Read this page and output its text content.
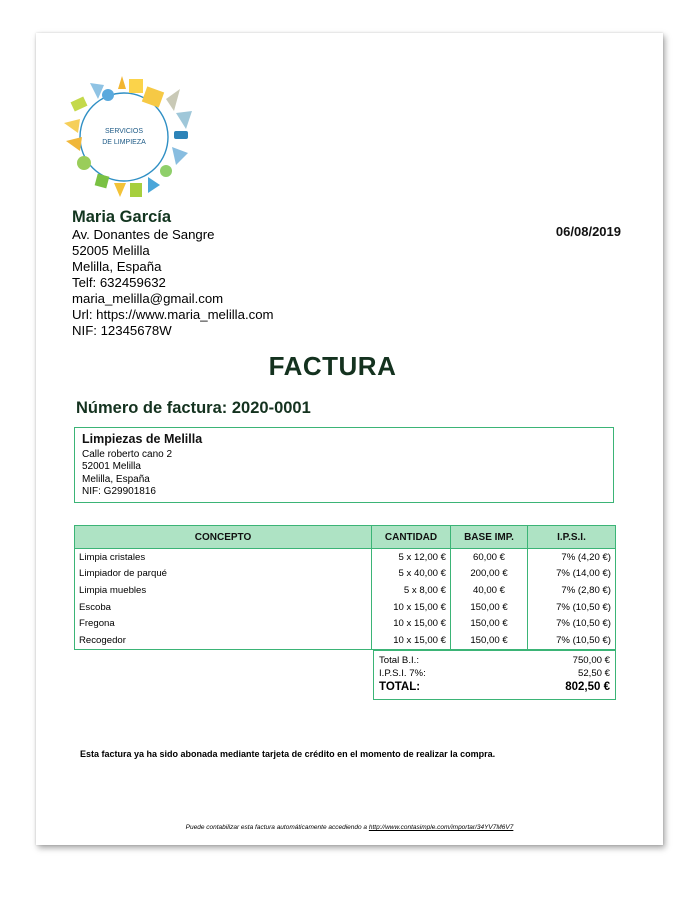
SERVICIOS
DE LIMPIEZA
Maria García
Av. Donantes de Sangre
52005 Melilla
Melilla, España
Telf: 632459632
maria_melilla@gmail.com
Url: https://www.maria_melilla.com
NIF: 12345678W
06/08/2019
FACTURA
Número de factura: 2020-0001
Limpiezas de Melilla
Calle roberto cano 2
52001 Melilla
Melilla, España
NIF: G29901816
CONCEPTO	CANTIDAD	BASE IMP.	I.P.S.I.
Limpia cristales	5 x 12,00 €	60,00 €	7% (4,20 €)
Limpiador de parqué	5 x 40,00 €	200,00 €	7% (14,00 €)
Limpia muebles	5 x 8,00 €	40,00 €	7% (2,80 €)
Escoba	10 x 15,00 €	150,00 €	7% (10,50 €)
Fregona	10 x 15,00 €	150,00 €	7% (10,50 €)
Recogedor	10 x 15,00 €	150,00 €	7% (10,50 €)
Total B.I.:	750,00 €
I.P.S.I. 7%:	52,50 €
TOTAL:	802,50 €
Esta factura ya ha sido abonada mediante tarjeta de crédito en el momento de realizar la compra.
Puede contabilizar esta factura automáticamente accediendo a http://www.contasimple.com/importar/34YV7M6V7
